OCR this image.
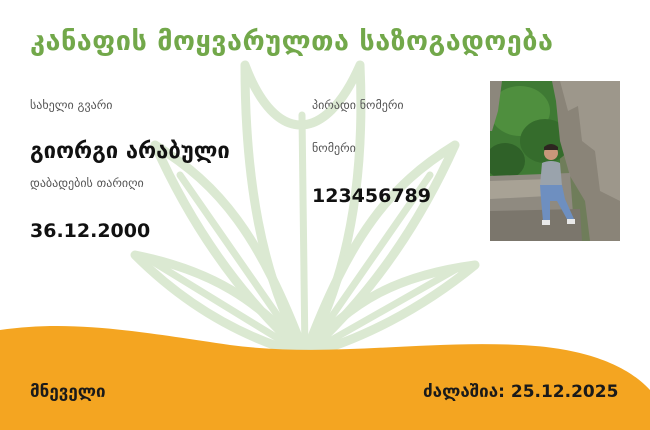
კანაფის მოყვარულთა საზოგადოება
სახელი გვარი
გიორგი არაბული
დაბადების თარიღი
36.12.2000
პირადი ნომერი
ნომერი
123456789
მნეველი	ძალაშია: 25.12.2025
